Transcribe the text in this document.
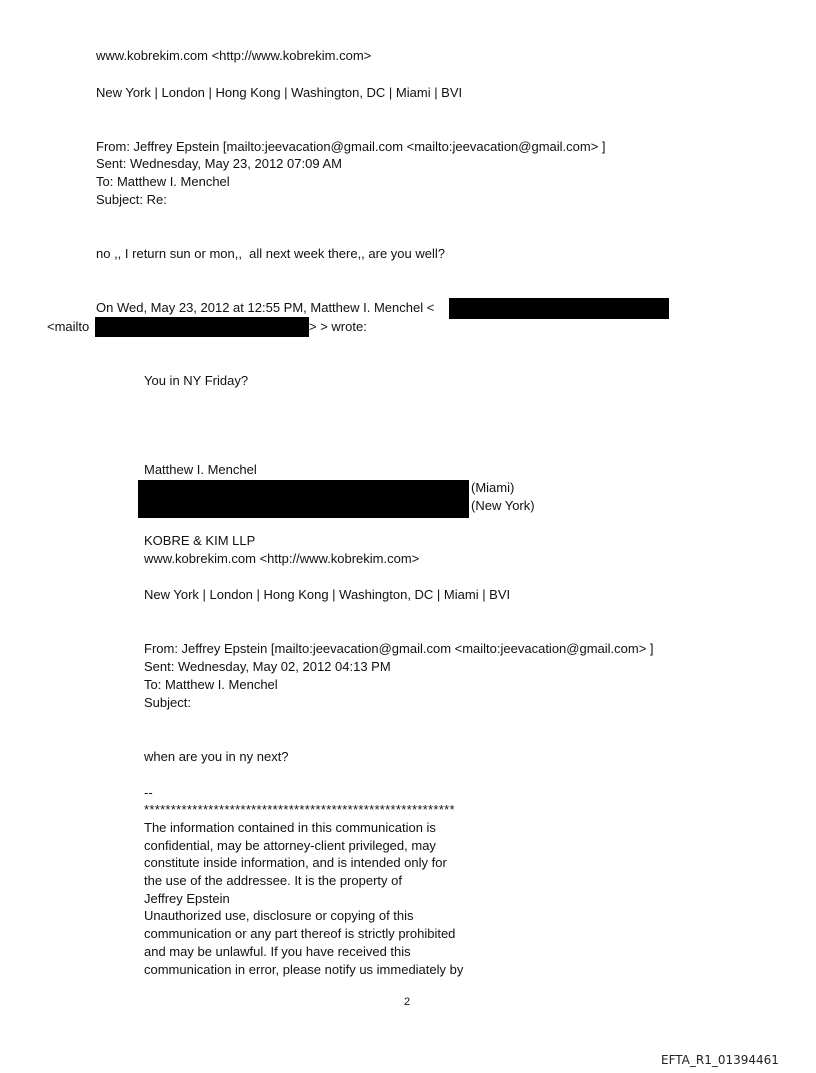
www.kobrekim.com <http://www.kobrekim.com>
New York | London | Hong Kong | Washington, DC | Miami | BVI
From: Jeffrey Epstein [mailto:jeevacation@gmail.com <mailto:jeevacation@gmail.com> ]
Sent: Wednesday, May 23, 2012 07:09 AM
To: Matthew I. Menchel
Subject: Re:
no ,, I return sun or mon,,  all next week there,, are you well?
On Wed, May 23, 2012 at 12:55 PM, Matthew I. Menchel <
<mailto	> > wrote:
You in NY Friday?
Matthew I. Menchel
(Miami)
(New York)
KOBRE & KIM LLP
www.kobrekim.com <http://www.kobrekim.com>
New York | London | Hong Kong | Washington, DC | Miami | BVI
From: Jeffrey Epstein [mailto:jeevacation@gmail.com <mailto:jeevacation@gmail.com> ]
Sent: Wednesday, May 02, 2012 04:13 PM
To: Matthew I. Menchel
Subject:
when are you in ny next?
--
**********************************************************
The information contained in this communication is
confidential, may be attorney-client privileged, may
constitute inside information, and is intended only for
the use of the addressee. It is the property of
Jeffrey Epstein
Unauthorized use, disclosure or copying of this
communication or any part thereof is strictly prohibited
and may be unlawful. If you have received this
communication in error, please notify us immediately by
2
EFTA_R1_01394461
